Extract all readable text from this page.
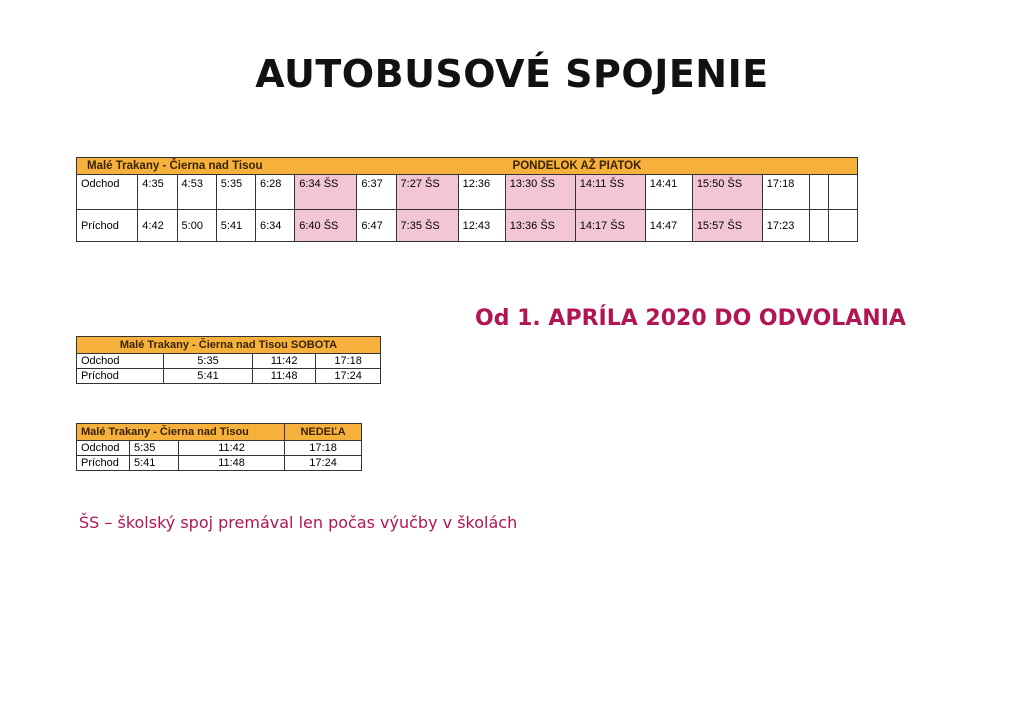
AUTOBUSOVÉ SPOJENIE
Malé Trakany - Čierna nad Tisou PONDELOK AŽ PIATOK															
Odchod	4:35	4:53	5:35	6:28	6:34 ŠS	6:37	7:27 ŠS	12:36	13:30 ŠS	14:11 ŠS	14:41	15:50 ŠS	17:18		
Príchod	4:42	5:00	5:41	6:34	6:40 ŠS	6:47	7:35 ŠS	12:43	13:36 ŠS	14:17 ŠS	14:47	15:57 ŠS	17:23		
Od 1. APRÍLA 2020 DO ODVOLANIA
Malé Trakany - Čierna nad Tisou SOBOTA			
Odchod	5:35	11:42	17:18
Príchod	5:41	11:48	17:24
Malé Trakany - Čierna nad Tisou			NEDEĽA
Odchod	5:35	11:42	17:18
Príchod	5:41	11:48	17:24
ŠS – školský spoj premával len počas výučby v školách
